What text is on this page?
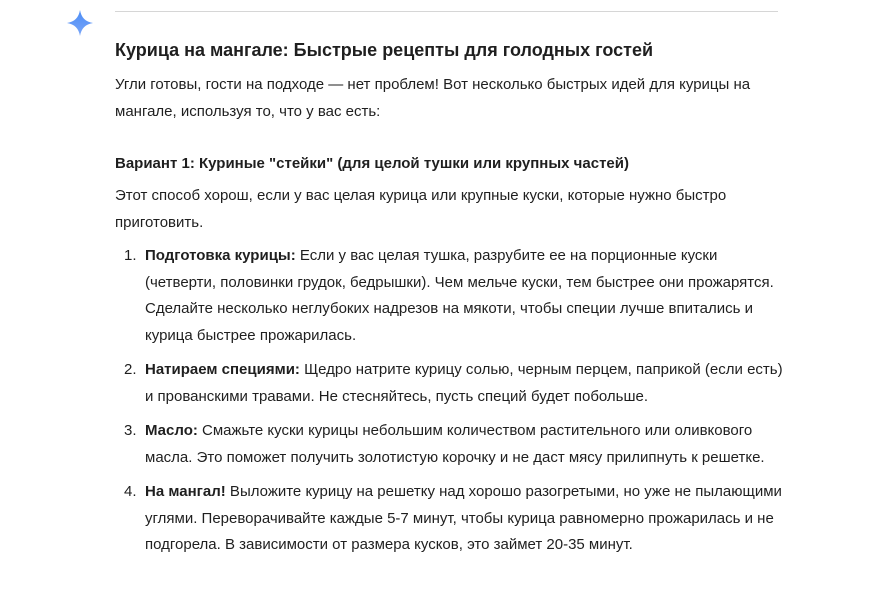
Курица на мангале: Быстрые рецепты для голодных гостей

Угли готовы, гости на подходе — нет проблем! Вот несколько быстрых идей для курицы на мангале, используя то, что у вас есть:

Вариант 1: Куриные "стейки" (для целой тушки или крупных частей)

Этот способ хорош, если у вас целая курица или крупные куски, которые нужно быстро приготовить.

1. Подготовка курицы: Если у вас целая тушка, разрубите ее на порционные куски (четверти, половинки грудок, бедрышки). Чем мельче куски, тем быстрее они прожарятся. Сделайте несколько неглубоких надрезов на мякоти, чтобы специи лучше впитались и курица быстрее прожарилась.
2. Натираем специями: Щедро натрите курицу солью, черным перцем, паприкой (если есть) и прованскими травами. Не стесняйтесь, пусть специй будет побольше.
3. Масло: Смажьте куски курицы небольшим количеством растительного или оливкового масла. Это поможет получить золотистую корочку и не даст мясу прилипнуть к решетке.
4. На мангал! Выложите курицу на решетку над хорошо разогретыми, но уже не пылающими углями. Переворачивайте каждые 5-7 минут, чтобы курица равномерно прожарилась и не подгорела. В зависимости от размера кусков, это займет 20-35 минут.
